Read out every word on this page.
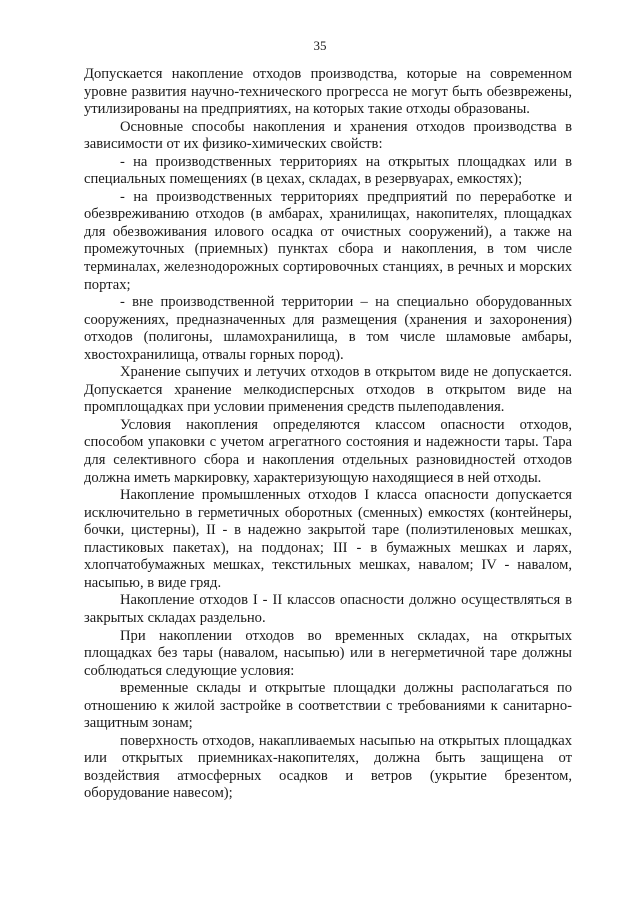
35

Допускается накопление отходов производства, которые на современном уровне развития научно-технического прогресса не могут быть обезврежены, утилизированы на предприятиях, на которых такие отходы образованы.

Основные способы накопления и хранения отходов производства в зависимости от их физико-химических свойств:

- на производственных территориях на открытых площадках или в специальных помещениях (в цехах, складах, в резервуарах, емкостях);

- на производственных территориях предприятий по переработке и обезвреживанию отходов (в амбарах, хранилищах, накопителях, площадках для обезвоживания илового осадка от очистных сооружений), а также на промежуточных (приемных) пунктах сбора и накопления, в том числе терминалах, железнодорожных сортировочных станциях, в речных и морских портах;

- вне производственной территории – на специально оборудованных сооружениях, предназначенных для размещения (хранения и захоронения) отходов (полигоны, шламохранилища, в том числе шламовые амбары, хвостохранилища, отвалы горных пород).

Хранение сыпучих и летучих отходов в открытом виде не допускается. Допускается хранение мелкодисперсных отходов в открытом виде на промплощадках при условии применения средств пылеподавления.

Условия накопления определяются классом опасности отходов, способом упаковки с учетом агрегатного состояния и надежности тары. Тара для селективного сбора и накопления отдельных разновидностей отходов должна иметь маркировку, характеризующую находящиеся в ней отходы.

Накопление промышленных отходов I класса опасности допускается исключительно в герметичных оборотных (сменных) емкостях (контейнеры, бочки, цистерны), II - в надежно закрытой таре (полиэтиленовых мешках, пластиковых пакетах), на поддонах; III - в бумажных мешках и ларях, хлопчатобумажных мешках, текстильных мешках, навалом; IV - навалом, насыпью, в виде гряд.

Накопление отходов I - II классов опасности должно осуществляться в закрытых складах раздельно.

При накоплении отходов во временных складах, на открытых площадках без тары (навалом, насыпью) или в негерметичной таре должны соблюдаться следующие условия:

временные склады и открытые площадки должны располагаться по отношению к жилой застройке в соответствии с требованиями к санитарно-защитным зонам;

поверхность отходов, накапливаемых насыпью на открытых площадках или открытых приемниках-накопителях, должна быть защищена от воздействия атмосферных осадков и ветров (укрытие брезентом, оборудование навесом);
